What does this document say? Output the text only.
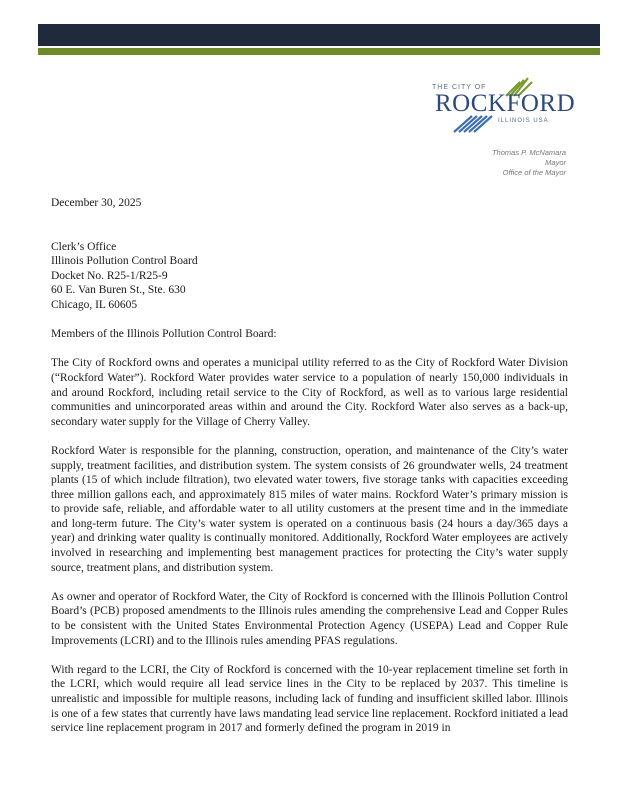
THE CITY OF
ROCKFORD
ILLINOIS USA
Thomas P. McNamara
Mayor
Office of the Mayor

December 30, 2025

Clerk’s Office

Illinois Pollution Control Board

Docket No. R25-1/R25-9

60 E. Van Buren St., Ste. 630

Chicago, IL 60605

Members of the Illinois Pollution Control Board:

The City of Rockford owns and operates a municipal utility referred to as the City of Rockford Water Division (“Rockford Water”). Rockford Water provides water service to a population of nearly 150,000 individuals in and around Rockford, including retail service to the City of Rockford, as well as to various large residential communities and unincorporated areas within and around the City. Rockford Water also serves as a back-up, secondary water supply for the Village of Cherry Valley.

Rockford Water is responsible for the planning, construction, operation, and maintenance of the City’s water supply, treatment facilities, and distribution system. The system consists of 26 groundwater wells, 24 treatment plants (15 of which include filtration), two elevated water towers, five storage tanks with capacities exceeding three million gallons each, and approximately 815 miles of water mains. Rockford Water’s primary mission is to provide safe, reliable, and affordable water to all utility customers at the present time and in the immediate and long-term future. The City’s water system is operated on a continuous basis (24 hours a day/365 days a year) and drinking water quality is continually monitored. Additionally, Rockford Water employees are actively involved in researching and implementing best management practices for protecting the City’s water supply source, treatment plans, and distribution system.

As owner and operator of Rockford Water, the City of Rockford is concerned with the Illinois Pollution Control Board’s (PCB) proposed amendments to the Illinois rules amending the comprehensive Lead and Copper Rules to be consistent with the United States Environmental Protection Agency (USEPA) Lead and Copper Rule Improvements (LCRI) and to the Illinois rules amending PFAS regulations.

With regard to the LCRI, the City of Rockford is concerned with the 10-year replacement timeline set forth in the LCRI, which would require all lead service lines in the City to be replaced by 2037. This timeline is unrealistic and impossible for multiple reasons, including lack of funding and insufficient skilled labor. Illinois is one of a few states that currently have laws mandating lead service line replacement. Rockford initiated a lead service line replacement program in 2017 and formerly defined the program in 2019 in
